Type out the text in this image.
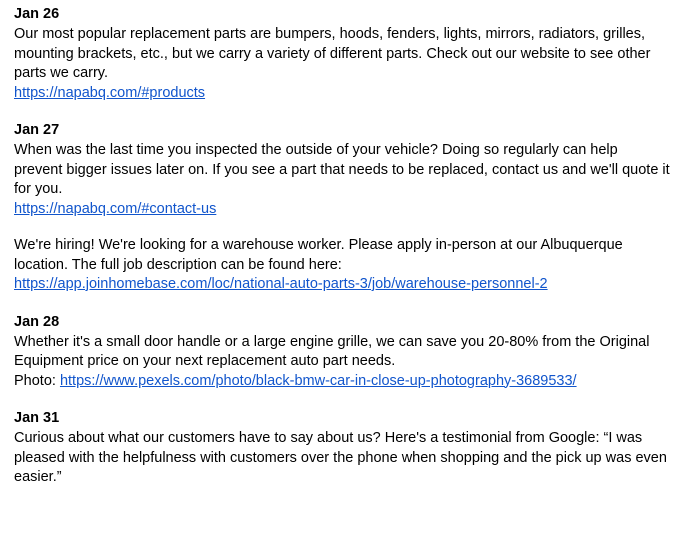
Jan 26

Our most popular replacement parts are bumpers, hoods, fenders, lights, mirrors, radiators, grilles, mounting brackets, etc., but we carry a variety of different parts. Check out our website to see other parts we carry.

https://napabq.com/#products
Jan 27

When was the last time you inspected the outside of your vehicle? Doing so regularly can help prevent bigger issues later on. If you see a part that needs to be replaced, contact us and we'll quote it for you.

https://napabq.com/#contact-us

We're hiring! We're looking for a warehouse worker. Please apply in-person at our Albuquerque location. The full job description can be found here:

https://app.joinhomebase.com/loc/national-auto-parts-3/job/warehouse-personnel-2
Jan 28

Whether it's a small door handle or a large engine grille, we can save you 20-80% from the Original Equipment price on your next replacement auto part needs.

Photo: https://www.pexels.com/photo/black-bmw-car-in-close-up-photography-3689533/
Jan 31

Curious about what our customers have to say about us? Here's a testimonial from Google: “I was pleased with the helpfulness with customers over the phone when shopping and the pick up was even easier.”
